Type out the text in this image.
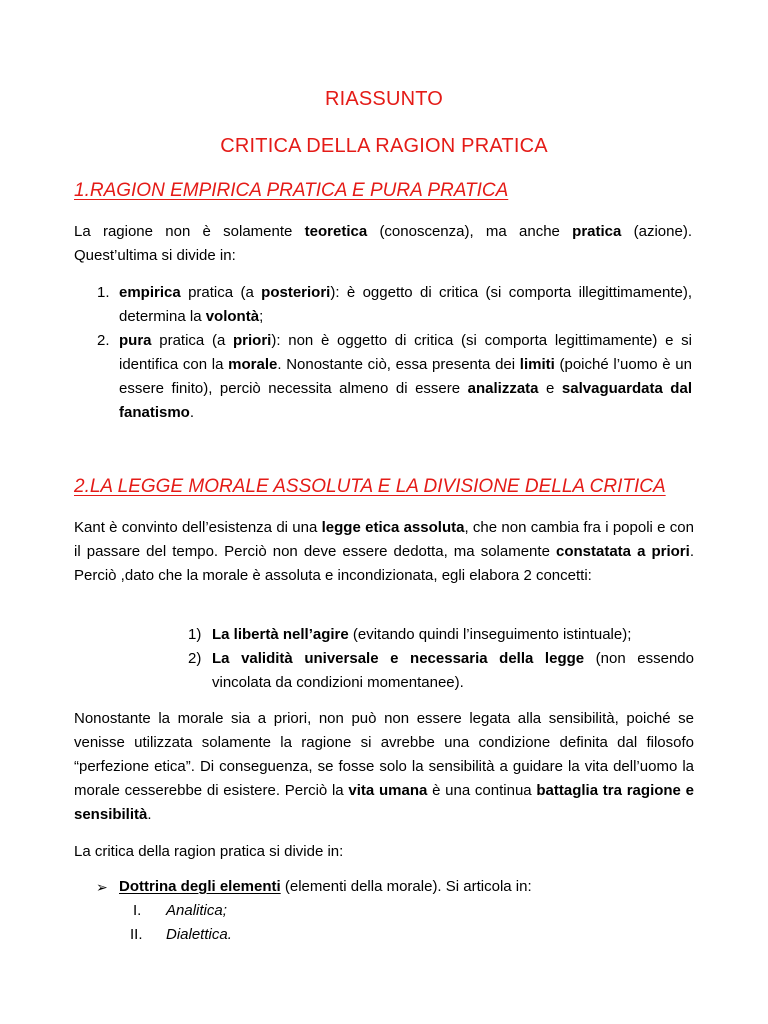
RIASSUNTO
CRITICA DELLA RAGION PRATICA
1.RAGION EMPIRICA PRATICA E PURA PRATICA
La ragione non è solamente teoretica (conoscenza), ma anche pratica (azione). Quest’ultima si divide in:
1. empirica pratica (a posteriori): è oggetto di critica (si comporta illegittimamente), determina la volontà;
2. pura pratica (a priori): non è oggetto di critica (si comporta legittimamente) e si identifica con la morale. Nonostante ciò, essa presenta dei limiti (poiché l’uomo è un essere finito), perciò necessita almeno di essere analizzata e salvaguardata dal fanatismo.
2.LA LEGGE MORALE ASSOLUTA E LA DIVISIONE DELLA CRITICA
Kant è convinto dell’esistenza di una legge etica assoluta, che non cambia fra i popoli e con il passare del tempo. Perciò non deve essere dedotta, ma solamente constatata a priori. Perciò ,dato che la morale è assoluta e incondizionata, egli elabora 2 concetti:
1) La libertà nell’agire (evitando quindi l’inseguimento istintuale);
2) La validità universale e necessaria della legge (non essendo vincolata da condizioni momentanee).
Nonostante la morale sia a priori, non può non essere legata alla sensibilità, poiché se venisse utilizzata solamente la ragione si avrebbe una condizione definita dal filosofo “perfezione etica”. Di conseguenza, se fosse solo la sensibilità a guidare la vita dell’uomo la morale cesserebbe di esistere. Perciò la vita umana è una continua battaglia tra ragione e sensibilità.
La critica della ragion pratica si divide in:
➢ Dottrina degli elementi (elementi della morale). Si articola in:
I.	Analitica;
II.	Dialettica.
